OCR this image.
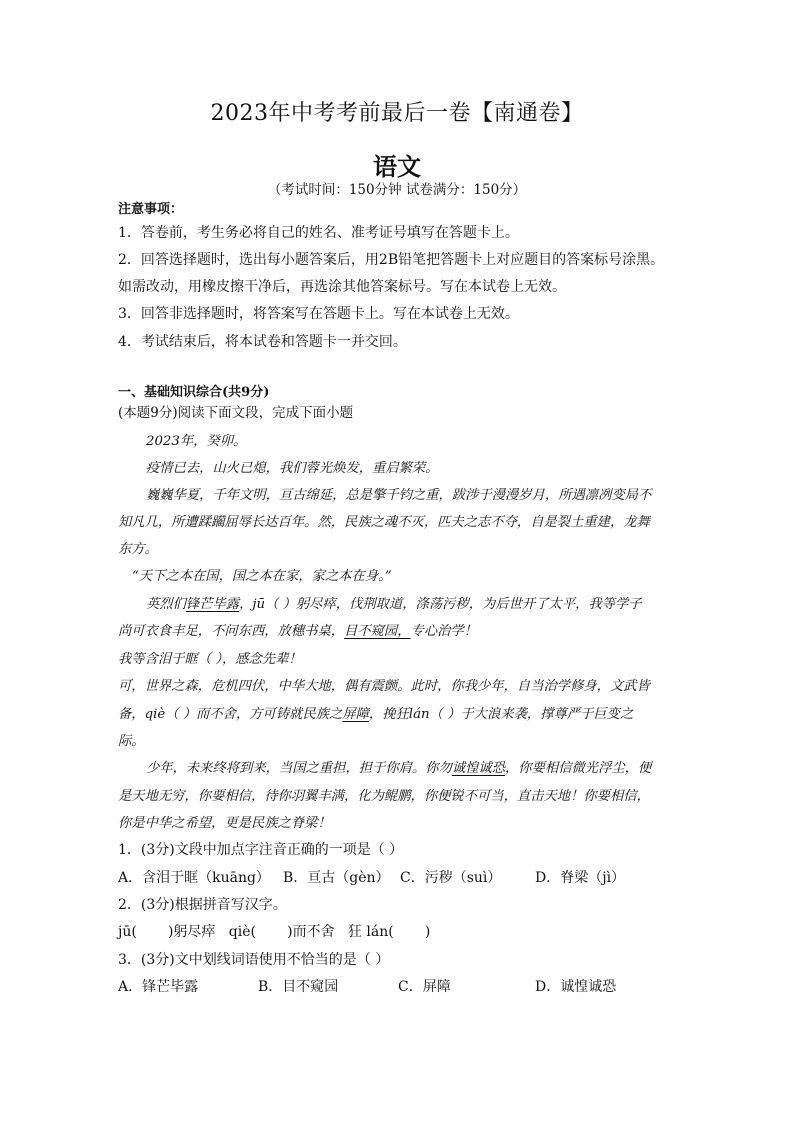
2023年中考考前最后一卷【南通卷】
语文
（考试时间：150分钟 试卷满分：150分）
注意事项：
1．答卷前，考生务必将自己的姓名、准考证号填写在答题卡上。
2．回答选择题时，选出每小题答案后，用2B铅笔把答题卡上对应题目的答案标号涂黑。
如需改动，用橡皮擦干净后，再选涂其他答案标号。写在本试卷上无效。
3．回答非选择题时，将答案写在答题卡上。写在本试卷上无效。
4．考试结束后，将本试卷和答题卡一并交回。
一、基础知识综合(共9分)
(本题9分)阅读下面文段，完成下面小题
2023年，癸卯。
疫情已去，山火已熄，我们蓉光焕发，重启繁荣。
巍巍华夏，千年文明，亘古绵延，总是擎千钧之重，跋涉于漫漫岁月，所遇凛冽变局不
知凡几，所遭蹂躏屈辱长达百年。然，民族之魂不灭，匹夫之志不夺，自是裂土重建，龙舞
东方。
“天下之本在国，国之本在家，家之本在身。”
英烈们锋芒毕露，jū（ ）躬尽瘁，伐荆取道，涤荡污秽，为后世开了太平，我等学子
尚可衣食丰足，不问东西，放穗书桌，目不窥园，专心治学！
我等含泪于眶（ ），感念先辈！
可，世界之森，危机四伏，中华大地，偶有震颤。此时，你我少年，自当治学修身，文武皆
备，qiè（ ）而不舍，方可铸就民族之屏障，挽狂lán（ ）于大浪来袭，撑尊严于巨变之
际。
少年，未来终将到来，当国之重担，担于你肩。你勿诚惶诚恐，你要相信微光浮尘，便
是天地无穷，你要相信，待你羽翼丰满，化为鲲鹏，你便锐不可当，直击天地！你要相信，
你是中华之希望，更是民族之脊梁！
1．(3分)文段中加点字注音正确的一项是（ ）
A．含泪于眶（kuāng） B．亘古（gèn） C．污秽（suì） D．脊梁（jì）
2．(3分)根据拼音写汉字。
jū(       )躬尽瘁   qiè(       )而不舍   狂 lán(       )
3．(3分)文中划线词语使用不恰当的是（ ）
A．锋芒毕露	B．目不窥园	C．屏障	D．诚惶诚恐
